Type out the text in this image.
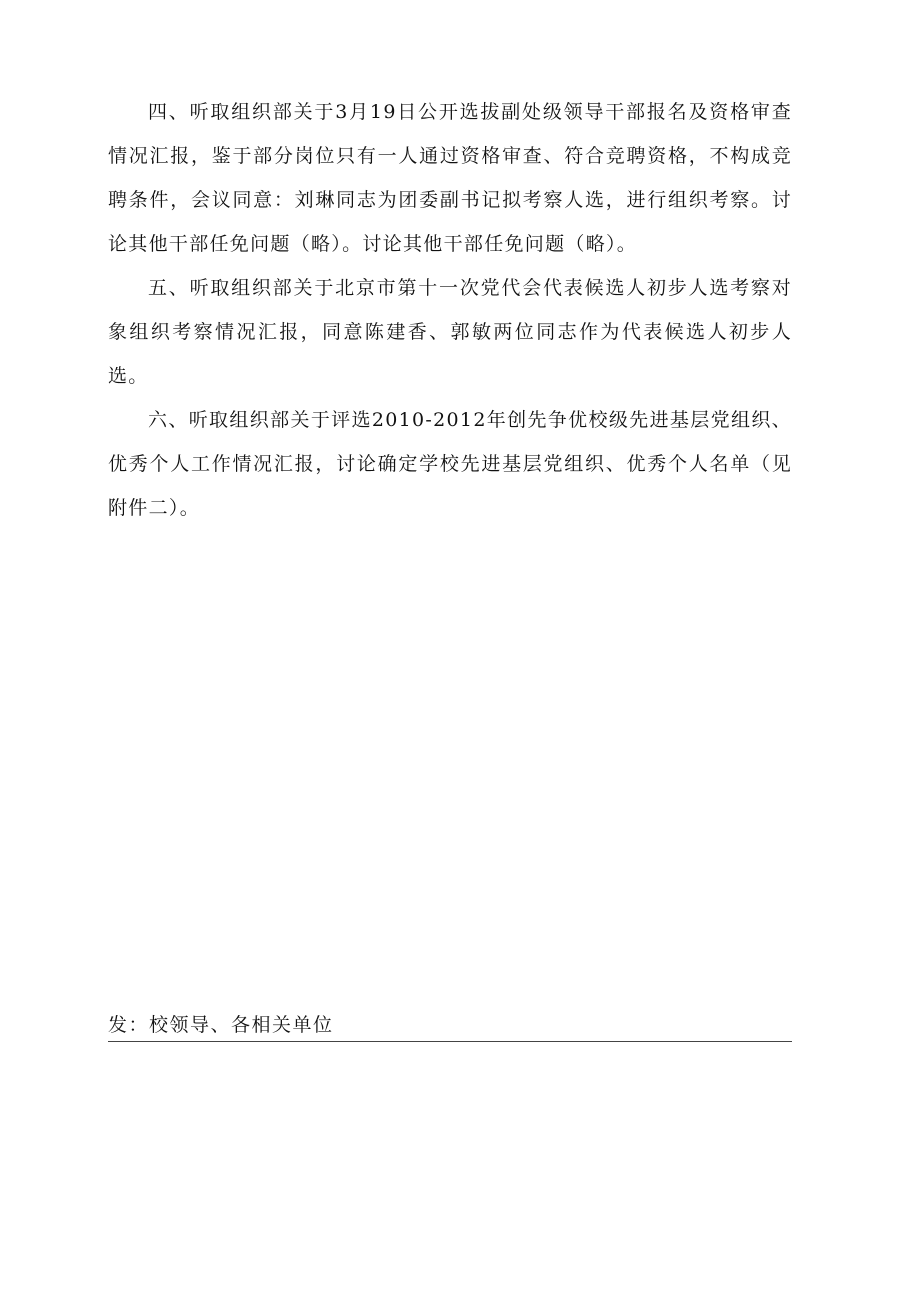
四、听取组织部关于3月19日公开选拔副处级领导干部报名及资格审查情况汇报，鉴于部分岗位只有一人通过资格审查、符合竞聘资格，不构成竞聘条件，会议同意：刘琳同志为团委副书记拟考察人选，进行组织考察。讨论其他干部任免问题（略）。讨论其他干部任免问题（略）。

五、听取组织部关于北京市第十一次党代会代表候选人初步人选考察对象组织考察情况汇报，同意陈建香、郭敏两位同志作为代表候选人初步人选。

六、听取组织部关于评选2010-2012年创先争优校级先进基层党组织、优秀个人工作情况汇报，讨论确定学校先进基层党组织、优秀个人名单（见附件二）。

发：校领导、各相关单位
